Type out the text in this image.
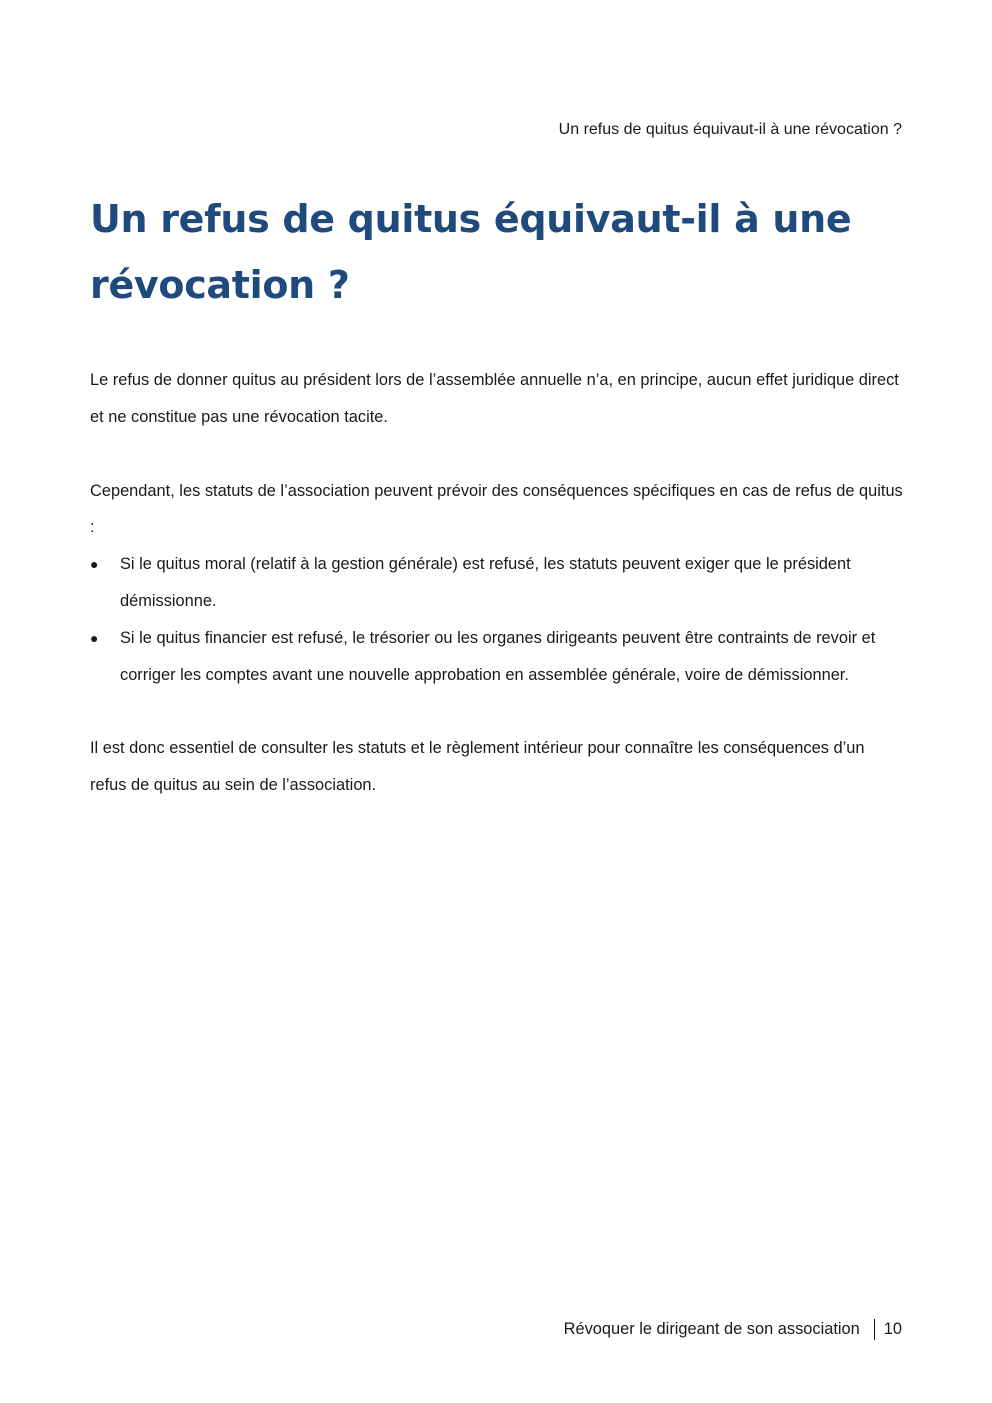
Un refus de quitus équivaut-il à une révocation ?
Un refus de quitus équivaut-il à une révocation ?

Le refus de donner quitus au président lors de l’assemblée annuelle n’a, en principe, aucun effet juridique direct et ne constitue pas une révocation tacite.

Cependant, les statuts de l’association peuvent prévoir des conséquences spécifiques en cas de refus de quitus :

● Si le quitus moral (relatif à la gestion générale) est refusé, les statuts peuvent exiger que le président démissionne.
● Si le quitus financier est refusé, le trésorier ou les organes dirigeants peuvent être contraints de revoir et corriger les comptes avant une nouvelle approbation en assemblée générale, voire de démissionner.

Il est donc essentiel de consulter les statuts et le règlement intérieur pour connaître les conséquences d’un refus de quitus au sein de l’association.

Révoquer le dirigeant de son association 10
